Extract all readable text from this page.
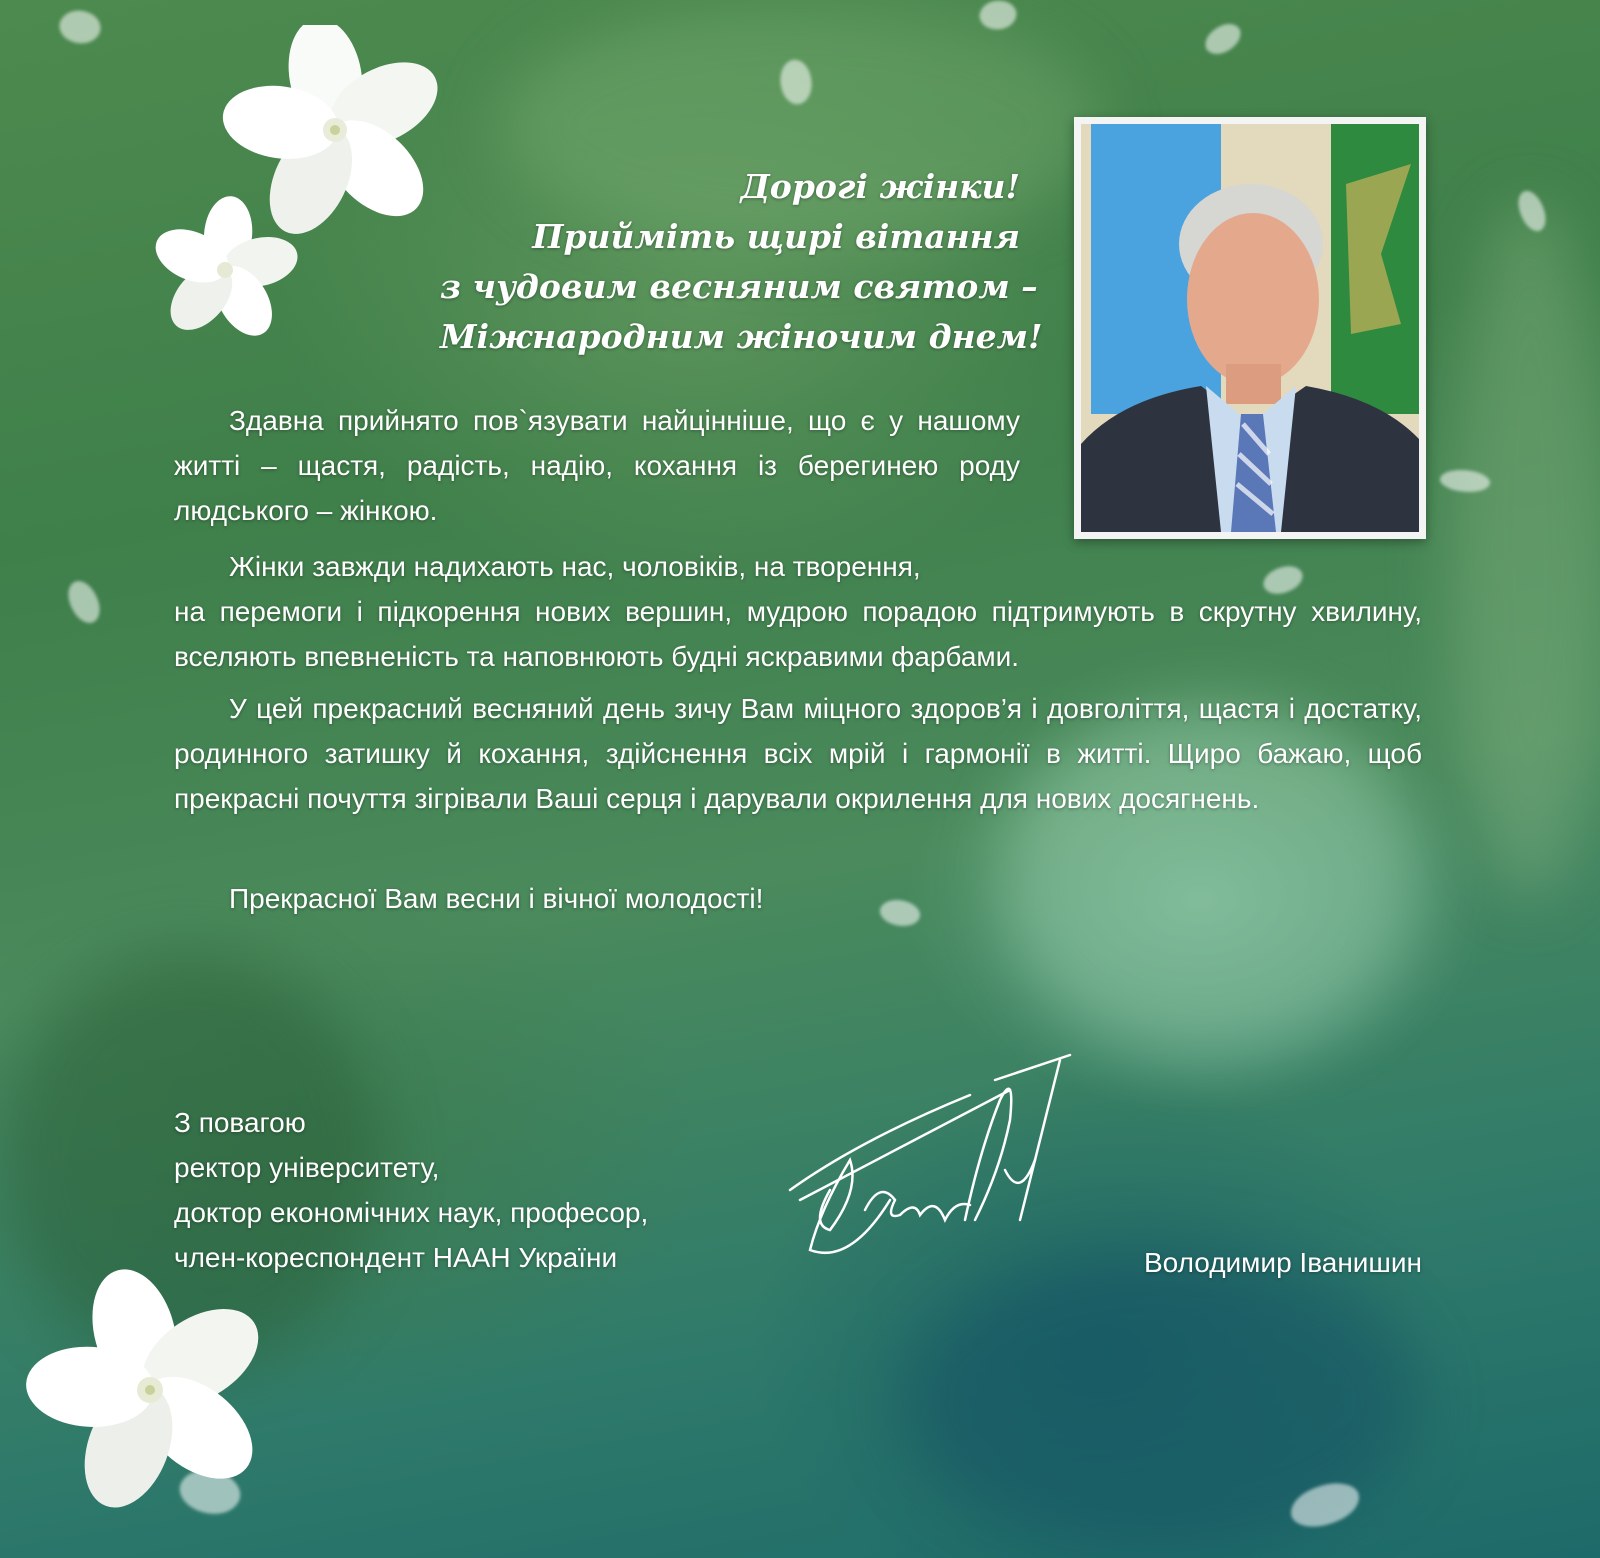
Дорогі жінки!
Прийміть щирі вітання
з чудовим весняним святом –
Міжнародним жіночим днем!
Здавна прийнято пов`язувати найцінніше, що є у нашому житті – щастя, радість, надію, кохання із берегинею роду людського – жінкою.
Жінки завжди надихають нас, чоловіків, на творення,
на перемоги і підкорення нових вершин, мудрою порадою підтримують в скрутну хвилину, вселяють впевненість та наповнюють будні яскравими фарбами.
У цей прекрасний весняний день зичу Вам міцного здоров’я і довголіття, щастя і достатку, родинного затишку й кохання, здійснення всіх мрій і гармонії в житті. Щиро бажаю, щоб прекрасні почуття зігрівали Ваші серця і дарували окрилення для нових досягнень.
Прекрасної Вам весни і вічної молодості!
З повагою
ректор університету,
доктор економічних наук, професор,
член-кореспондент НААН України	Володимир Іванишин
